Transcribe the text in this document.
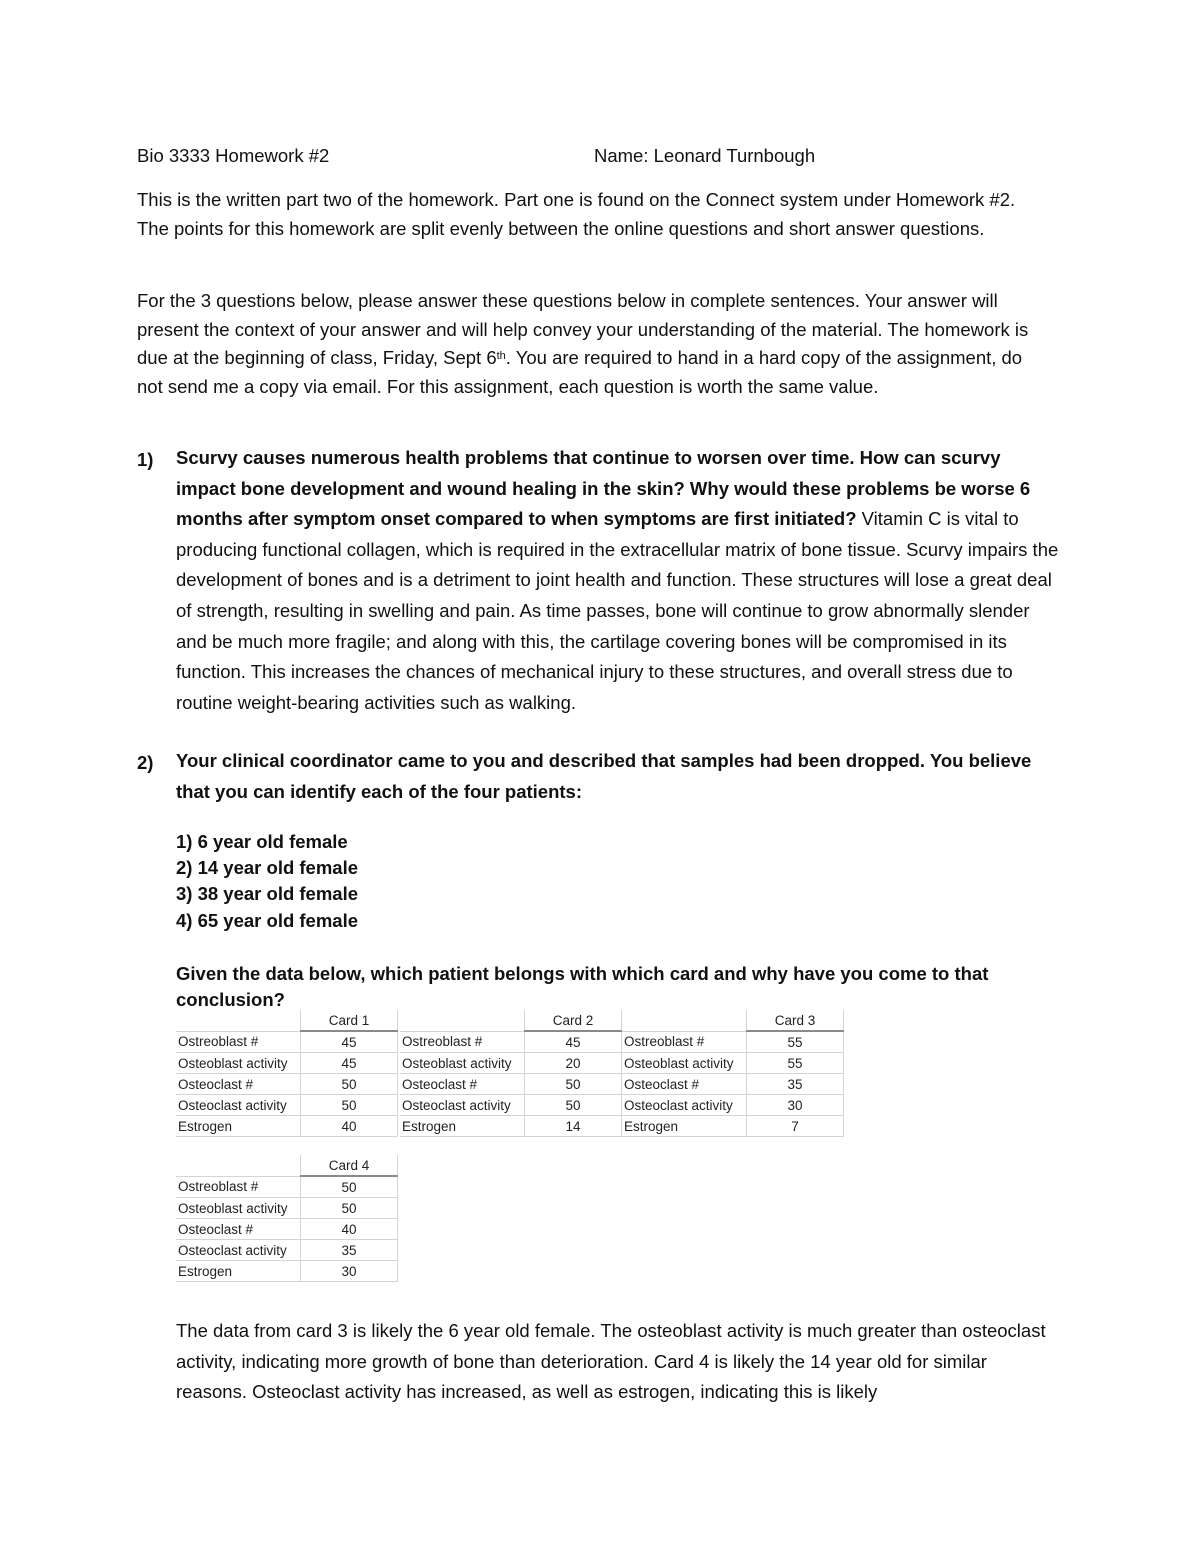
Bio 3333 Homework #2	Name: Leonard Turnbough
This is the written part two of the homework. Part one is found on the Connect system under Homework #2. The points for this homework are split evenly between the online questions and short answer questions.
For the 3 questions below, please answer these questions below in complete sentences. Your answer will present the context of your answer and will help convey your understanding of the material. The homework is due at the beginning of class, Friday, Sept 6th. You are required to hand in a hard copy of the assignment, do not send me a copy via email. For this assignment, each question is worth the same value.
1) Scurvy causes numerous health problems that continue to worsen over time. How can scurvy impact bone development and wound healing in the skin? Why would these problems be worse 6 months after symptom onset compared to when symptoms are first initiated? Vitamin C is vital to producing functional collagen, which is required in the extracellular matrix of bone tissue. Scurvy impairs the development of bones and is a detriment to joint health and function. These structures will lose a great deal of strength, resulting in swelling and pain. As time passes, bone will continue to grow abnormally slender and be much more fragile; and along with this, the cartilage covering bones will be compromised in its function. This increases the chances of mechanical injury to these structures, and overall stress due to routine weight-bearing activities such as walking.
2) Your clinical coordinator came to you and described that samples had been dropped. You believe that you can identify each of the four patients:
1) 6 year old female
2) 14 year old female
3) 38 year old female
4) 65 year old female
Given the data below, which patient belongs with which card and why have you come to that conclusion?
	Card 1
Ostreoblast #	45
Osteoblast activity	45
Osteoclast #	50
Osteoclast activity	50
Estrogen	40
	Card 2
Ostreoblast #	45
Osteoblast activity	20
Osteoclast #	50
Osteoclast activity	50
Estrogen	14
	Card 3
Ostreoblast #	55
Osteoblast activity	55
Osteoclast #	35
Osteoclast activity	30
Estrogen	7
	Card 4
Ostreoblast #	50
Osteoblast activity	50
Osteoclast #	40
Osteoclast activity	35
Estrogen	30
The data from card 3 is likely the 6 year old female. The osteoblast activity is much greater than osteoclast activity, indicating more growth of bone than deterioration. Card 4 is likely the 14 year old for similar reasons. Osteoclast activity has increased, as well as estrogen, indicating this is likely
